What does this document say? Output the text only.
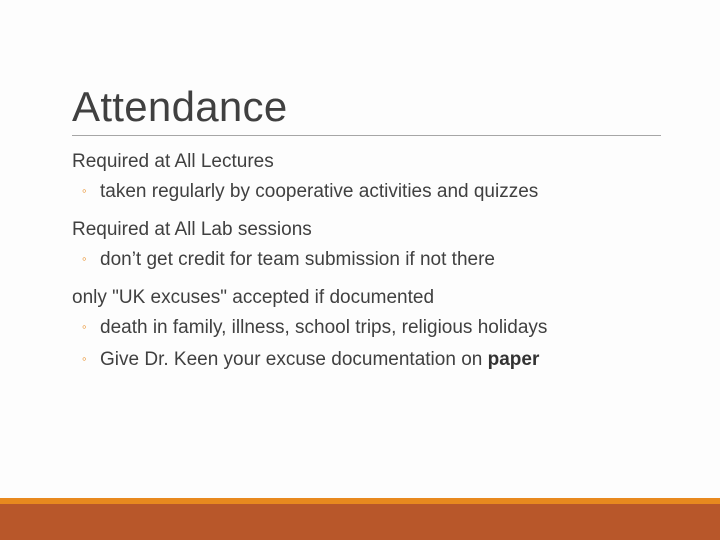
Attendance

Required at All Lectures

◦ taken regularly by cooperative activities and quizzes

Required at All Lab sessions

◦ don’t get credit for team submission if not there

only "UK excuses" accepted if documented

◦ death in family, illness, school trips, religious holidays

◦ Give Dr. Keen your excuse documentation on paper
